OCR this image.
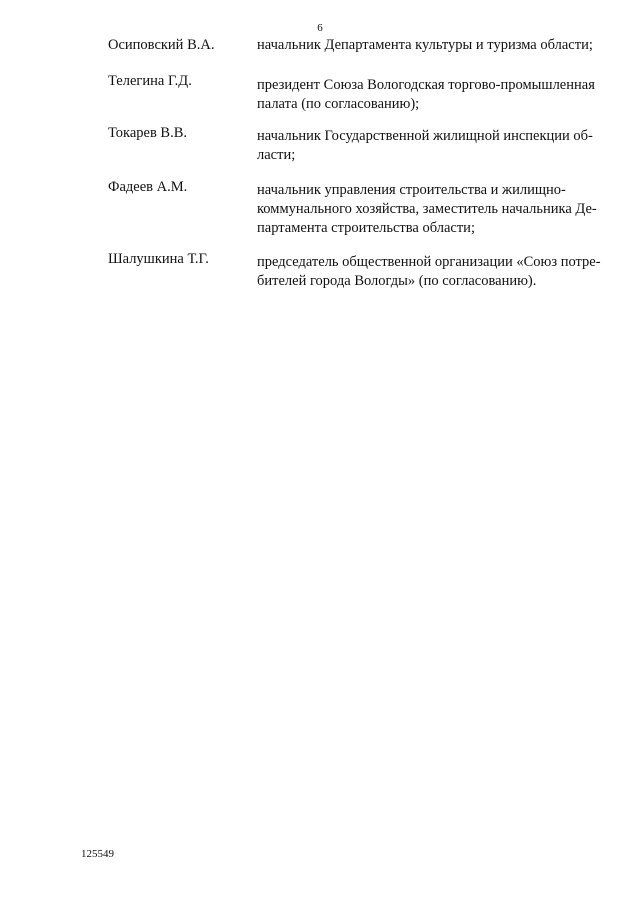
6
Осиповский В.А.	начальник Департамента культуры и туризма области;
Телегина Г.Д.	президент Союза Вологодская торгово-промышленная
палата (по согласованию);
Токарев В.В.	начальник Государственной жилищной инспекции об-
ласти;
Фадеев А.М.	начальник управления строительства и жилищно-
коммунального хозяйства, заместитель начальника Де-
партамента строительства области;
Шалушкина Т.Г.	председатель общественной организации «Союз потре-
бителей города Вологды» (по согласованию).
125549
